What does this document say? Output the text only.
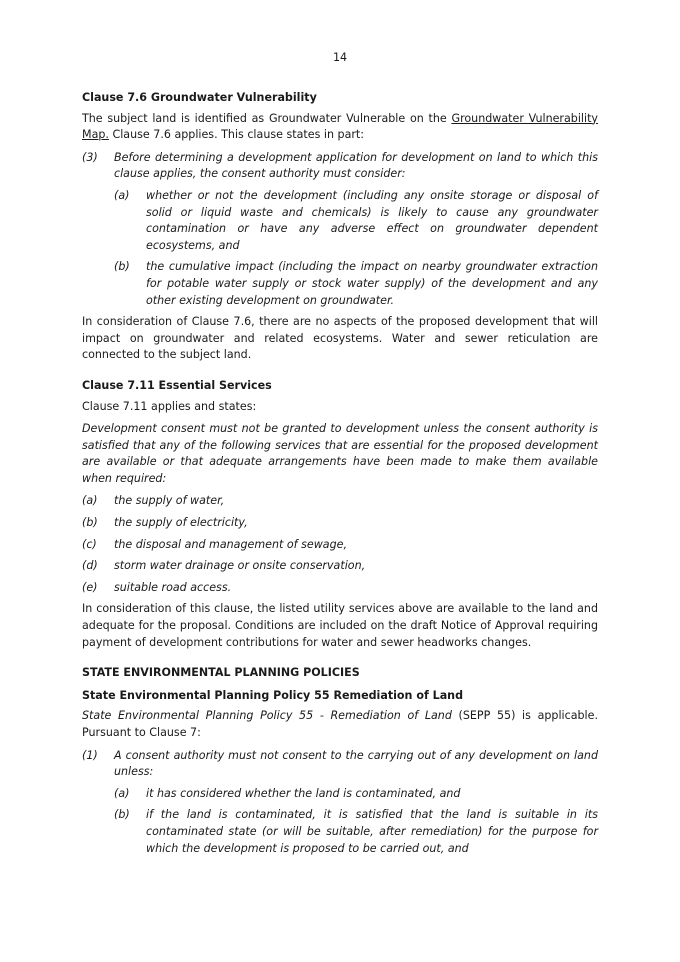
14
Clause 7.6 Groundwater Vulnerability

The subject land is identified as Groundwater Vulnerable on the Groundwater Vulnerability Map. Clause 7.6 applies. This clause states in part:

(3)	Before determining a development application for development on land to which this clause applies, the consent authority must consider:
(a)	whether or not the development (including any onsite storage or disposal of solid or liquid waste and chemicals) is likely to cause any groundwater contamination or have any adverse effect on groundwater dependent ecosystems, and
(b)	the cumulative impact (including the impact on nearby groundwater extraction for potable water supply or stock water supply) of the development and any other existing development on groundwater.

In consideration of Clause 7.6, there are no aspects of the proposed development that will impact on groundwater and related ecosystems. Water and sewer reticulation are connected to the subject land.

Clause 7.11 Essential Services

Clause 7.11 applies and states:

Development consent must not be granted to development unless the consent authority is satisfied that any of the following services that are essential for the proposed development are available or that adequate arrangements have been made to make them available when required:

(a)	the supply of water,
(b)	the supply of electricity,
(c)	the disposal and management of sewage,
(d)	storm water drainage or onsite conservation,
(e)	suitable road access.

In consideration of this clause, the listed utility services above are available to the land and adequate for the proposal. Conditions are included on the draft Notice of Approval requiring payment of development contributions for water and sewer headworks changes.

STATE ENVIRONMENTAL PLANNING POLICIES
State Environmental Planning Policy 55 Remediation of Land

State Environmental Planning Policy 55 - Remediation of Land (SEPP 55) is applicable. Pursuant to Clause 7:

(1)	A consent authority must not consent to the carrying out of any development on land unless:
(a)	it has considered whether the land is contaminated, and
(b)	if the land is contaminated, it is satisfied that the land is suitable in its contaminated state (or will be suitable, after remediation) for the purpose for which the development is proposed to be carried out, and
